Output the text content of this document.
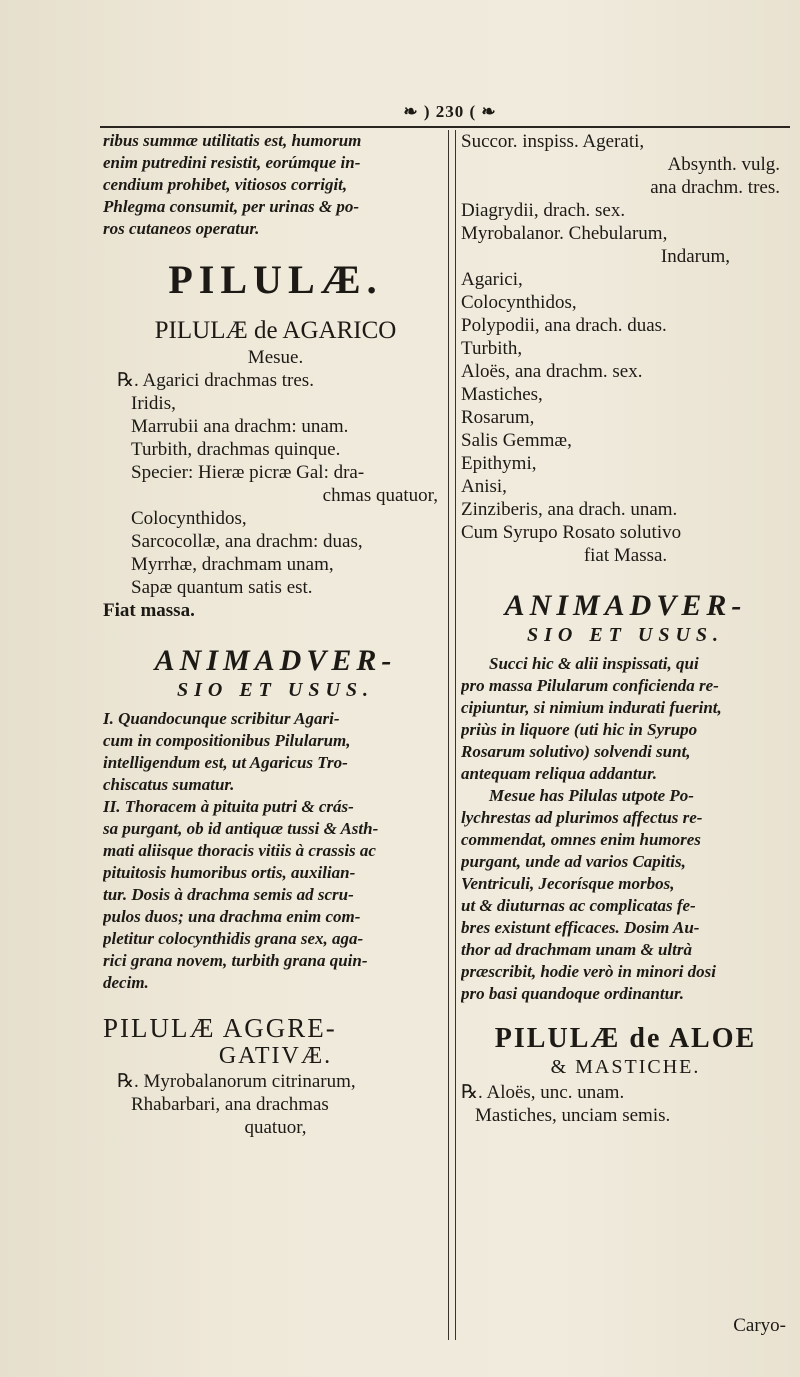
❧ ) 230 ( ❧

ribus summæ utilitatis est, humorum

enim putredini resistit, eorúmque in-

cendium prohibet, vitiosos corrigit,

Phlegma consumit, per urinas & po-

ros cutaneos operatur.

PILULÆ.
PILULÆ de AGARICO
Mesue.

℞. Agarici drachmas tres.

Iridis,

Marrubii ana drachm: unam.

Turbith, drachmas quinque.

Specier: Hieræ picræ Gal: dra-

chmas quatuor,

Colocynthidos,

Sarcocollæ, ana drachm: duas,

Myrrhæ, drachmam unam,

Sapæ quantum satis est.

Fiat massa.

ANIMADVER-
SIO ET USUS.

I. Quandocunque scribitur Agari-

cum in compositionibus Pilularum,

intelligendum est, ut Agaricus Tro-

chiscatus sumatur.

II. Thoracem à pituita putri & crás-

sa purgant, ob id antiquæ tussi & Asth-

mati aliisque thoracis vitiis à crassis ac

pituitosis humoribus ortis, auxilian-

tur. Dosis à drachma semis ad scru-

pulos duos; una drachma enim com-

pletitur colocynthidis grana sex, aga-

rici grana novem, turbith grana quin-

decim.

PILULÆ AGGRE-
GATIVÆ.

℞. Myrobalanorum citrinarum,

Rhabarbari, ana drachmas

quatuor,

Succor. inspiss. Agerati,

Absynth. vulg.

ana drachm. tres.

Diagrydii, drach. sex.

Myrobalanor. Chebularum,

Indarum,

Agarici,

Colocynthidos,

Polypodii, ana drach. duas.

Turbith,

Aloës, ana drachm. sex.

Mastiches,

Rosarum,

Salis Gemmæ,

Epithymi,

Anisi,

Zinziberis, ana drach. unam.

Cum Syrupo Rosato solutivo

fiat Massa.

ANIMADVER-
SIO ET USUS.

Succi hic & alii inspissati, qui

pro massa Pilularum conficienda re-

cipiuntur, si nimium indurati fuerint,

priùs in liquore (uti hic in Syrupo

Rosarum solutivo) solvendi sunt,

antequam reliqua addantur.

Mesue has Pilulas utpote Po-

lychrestas ad plurimos affectus re-

commendat, omnes enim humores

purgant, unde ad varios Capitis,

Ventriculi, Jecorísque morbos,

ut & diuturnas ac complicatas fe-

bres existunt efficaces. Dosim Au-

thor ad drachmam unam & ultrà

præscribit, hodie verò in minori dosi

pro basi quandoque ordinantur.

PILULÆ de ALOE
& MASTICHE.

℞. Aloës, unc. unam.

Mastiches, unciam semis.

Caryo-
